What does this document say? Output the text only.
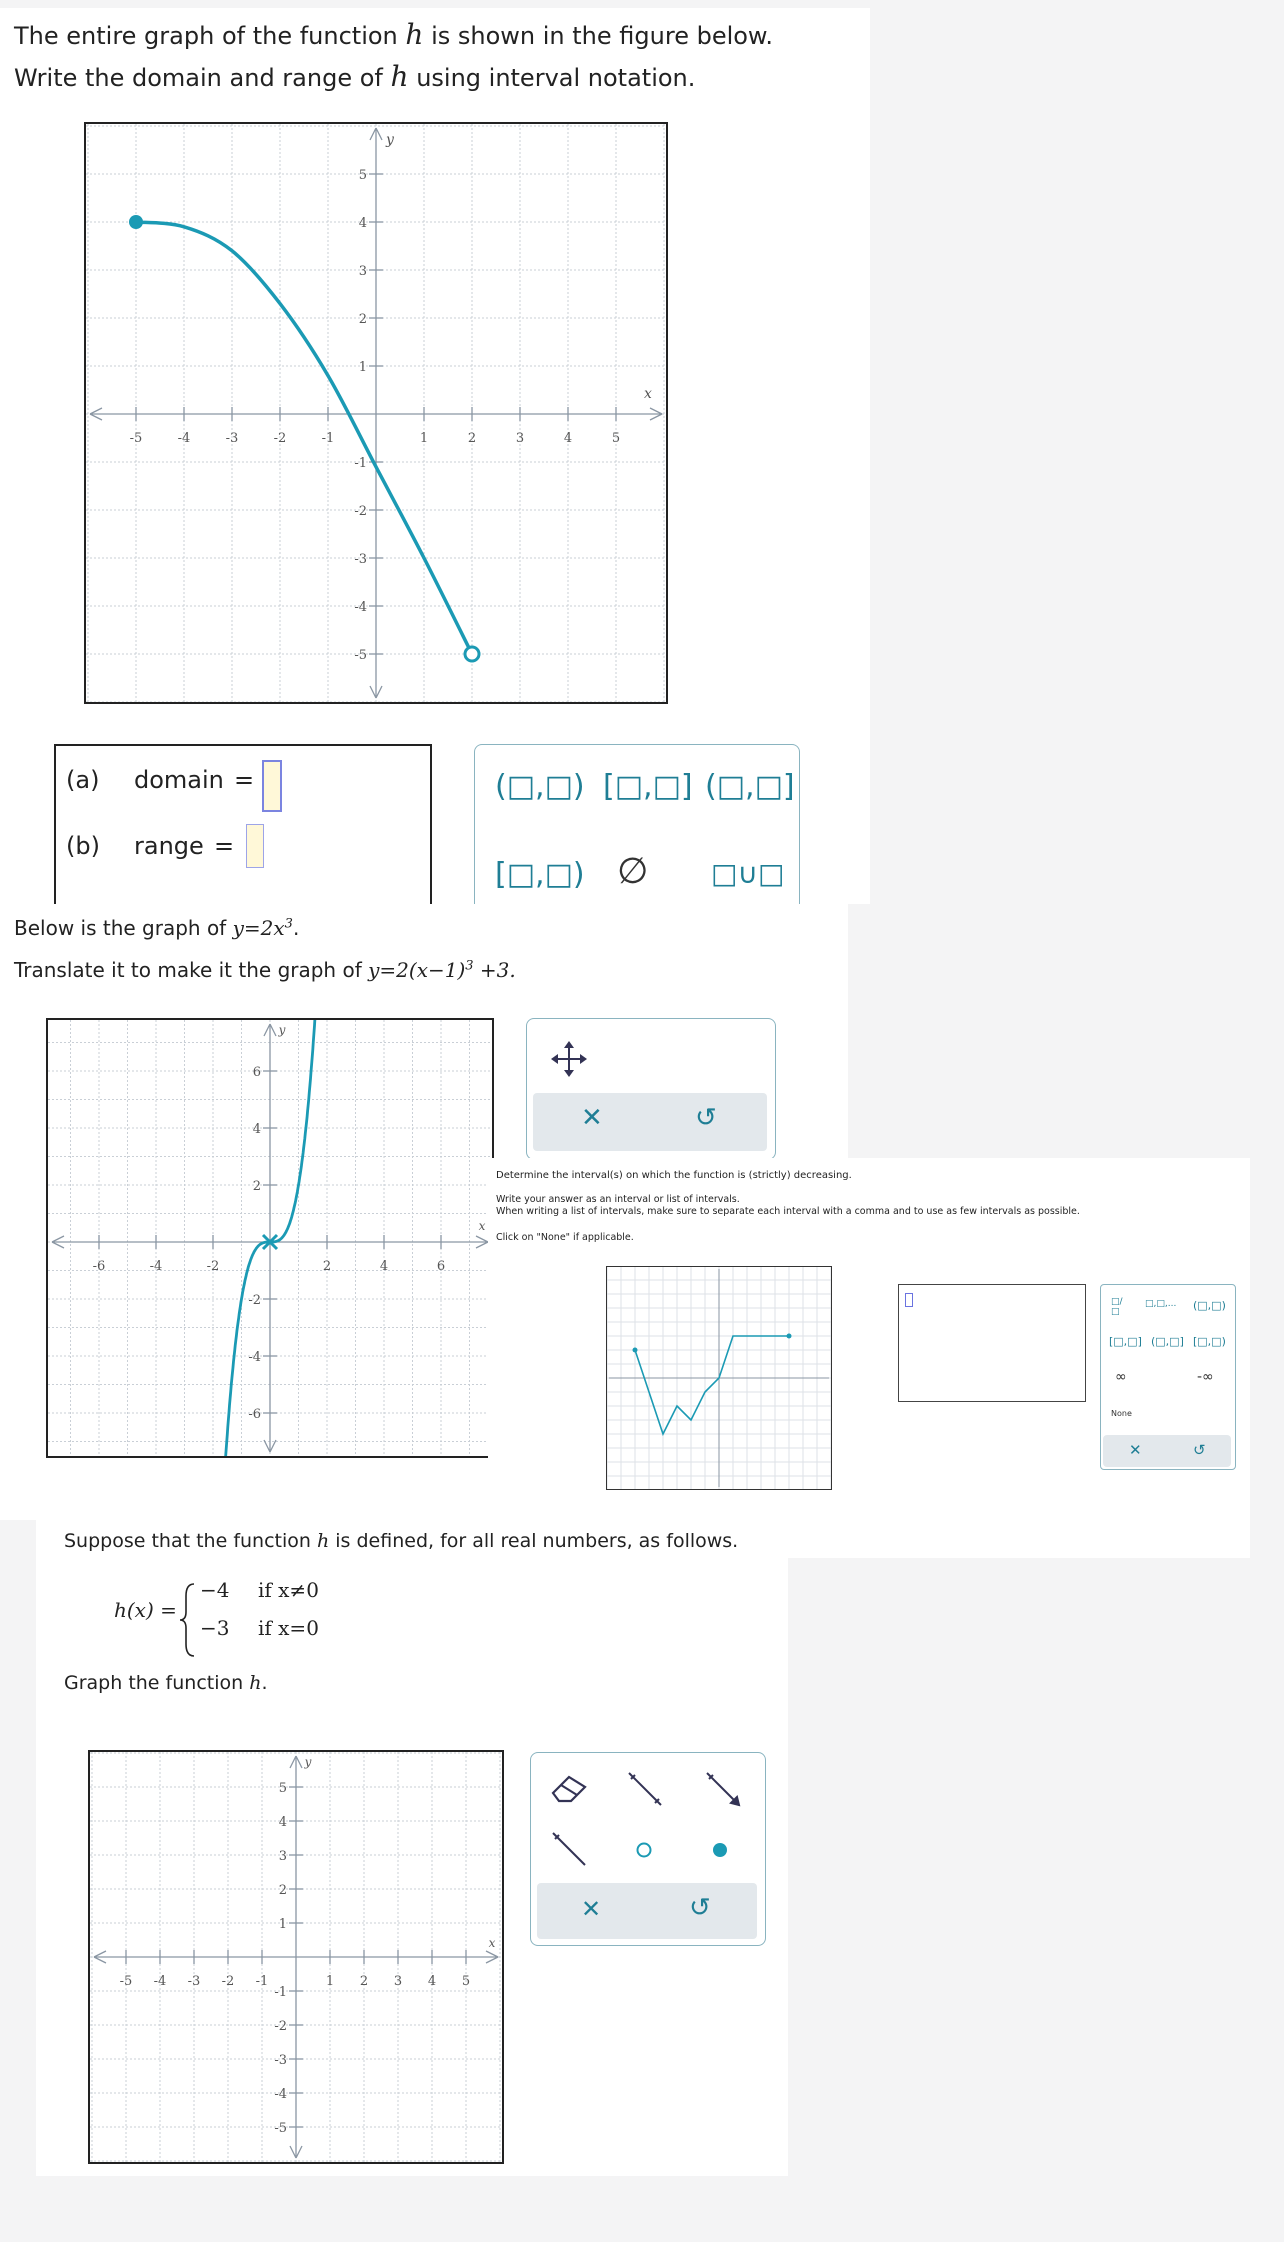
The entire graph of the function h is shown in the figure below.
Write the domain and range of h using interval notation.
-5	-4	-3	-2	-1	1	2	3	4	5
5
4
3
2
1
-1
-2
-3
-4
-5
x
y
(a) domain =
(b) range =
(□,□) [□,□] (□,□]
[□,□) ∅ □∪□
Below is the graph of $y=2x^3$.
Translate it to make it the graph of $y=2(x-1)^3 +3$.
-6	-4	-2	2	4	6
6
4
2
-2
-4
-6
x
y
✕	↺
Determine the interval(s) on which the function is (strictly) decreasing.
Write your answer as an interval or list of intervals.
When writing a list of intervals, make sure to separate each interval with a comma and to use as few intervals as possible.
Click on "None" if applicable.
□/□
□,□,... (□,□)
[□,□] (□,□] [□,□)
∞	-∞
None
✕	↺
Suppose that the function h is defined, for all real numbers, as follows.
h(x) =
−4 if x≠0
−3 if x=0
Graph the function h.
-5 -4 -3 -2 -1	1 2 3 4 5
5
4
3
2
1
-1
-2
-3
-4
-5
x
y
✕	↺
